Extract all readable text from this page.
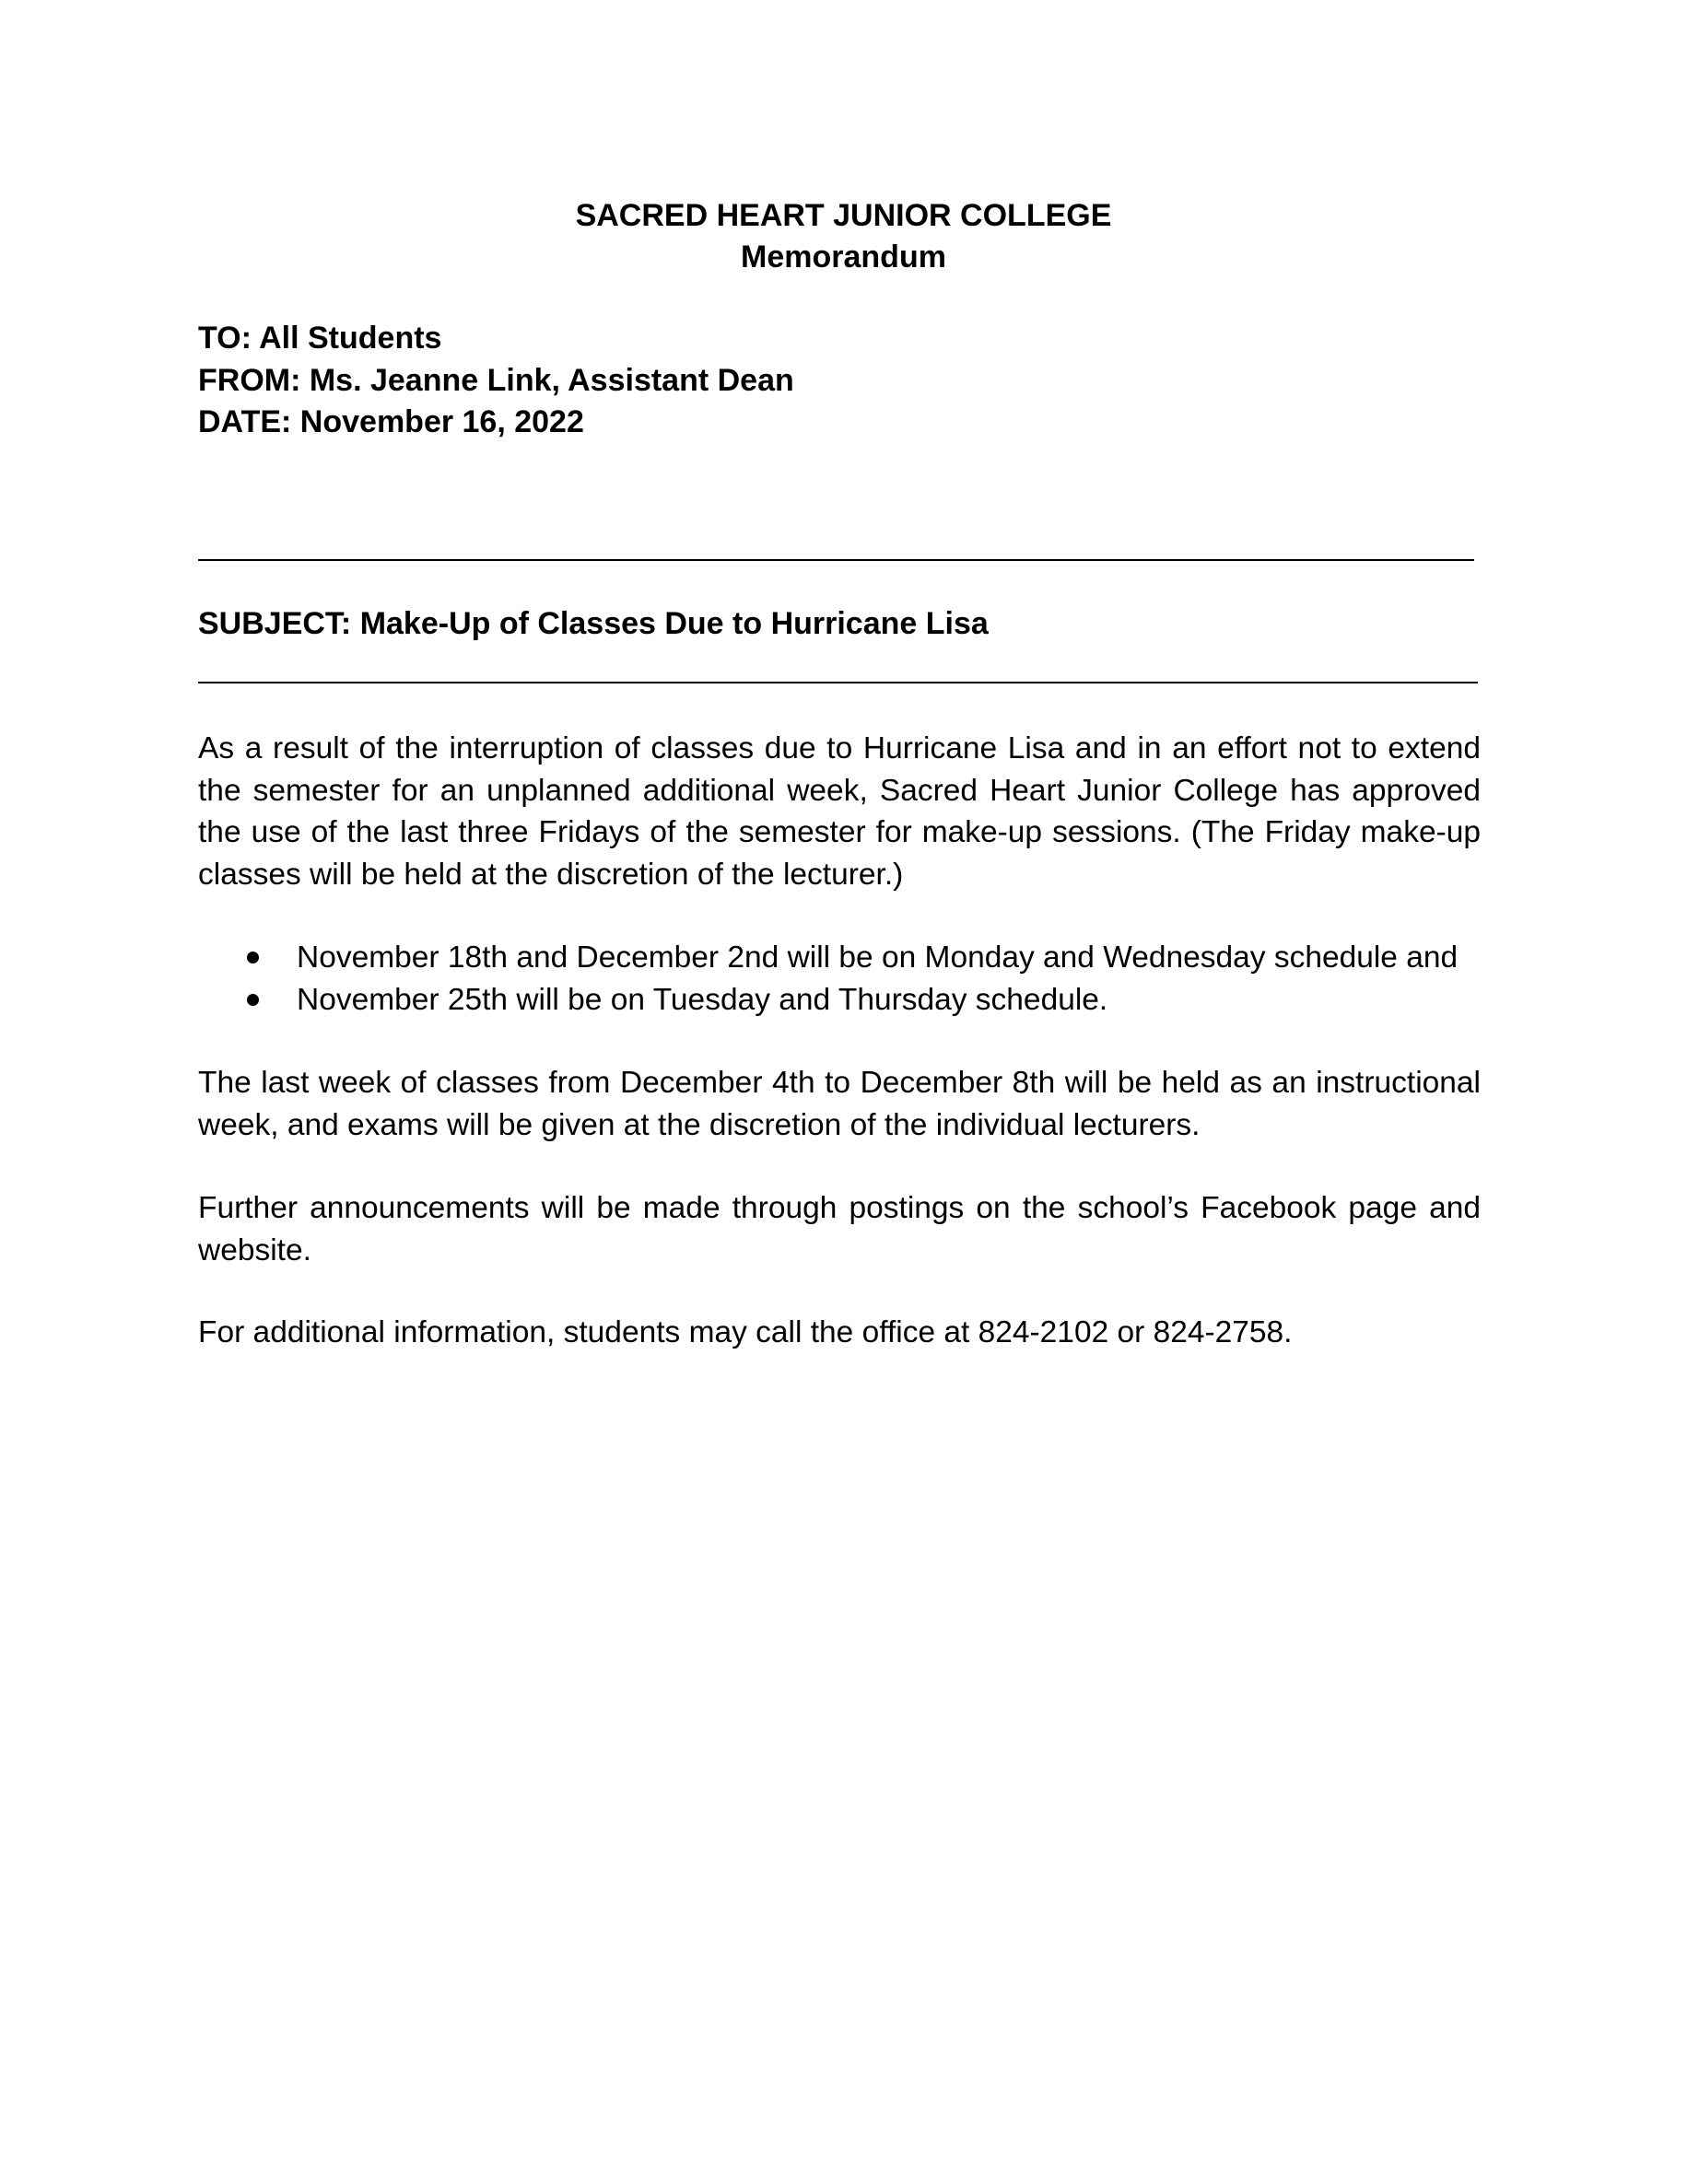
SACRED HEART JUNIOR COLLEGE
Memorandum
TO: All Students
FROM: Ms. Jeanne Link, Assistant Dean
DATE: November 16, 2022
SUBJECT: Make-Up of Classes Due to Hurricane Lisa

As a result of the interruption of classes due to Hurricane Lisa and in an effort not to extend the semester for an unplanned additional week, Sacred Heart Junior College has approved the use of the last three Fridays of the semester for make-up sessions. (The Friday make-up classes will be held at the discretion of the lecturer.)

November 18th and December 2nd will be on Monday and Wednesday schedule and
November 25th will be on Tuesday and Thursday schedule.

The last week of classes from December 4th to December 8th will be held as an instructional week, and exams will be given at the discretion of the individual lecturers.

Further announcements will be made through postings on the school’s Facebook page and website.

For additional information, students may call the office at 824-2102 or 824-2758.
